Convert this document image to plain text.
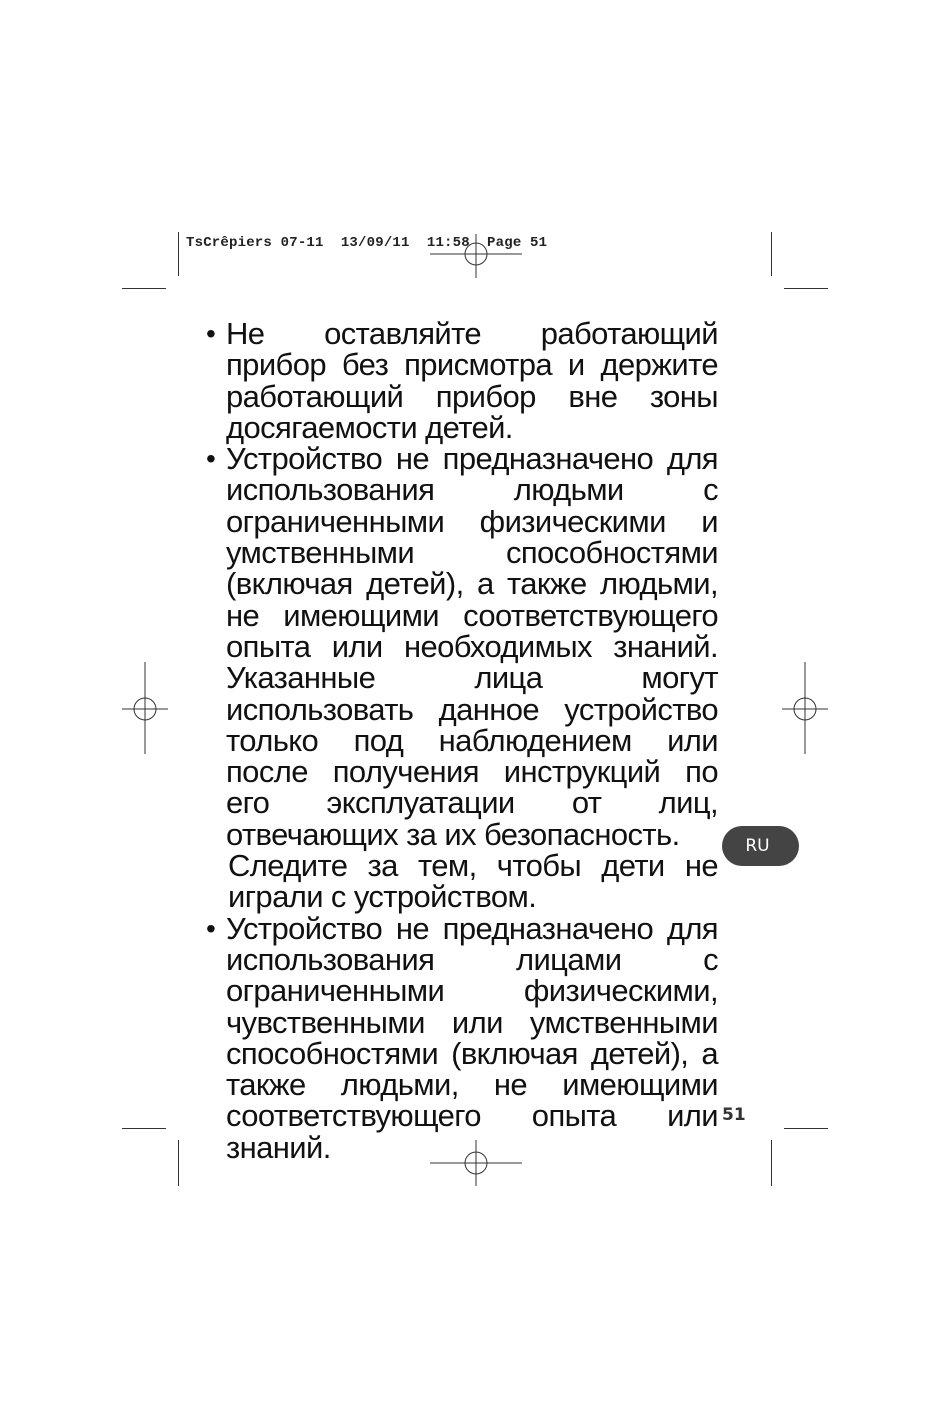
TsCrêpiers 07-11  13/09/11  11:58  Page 51
• Не оставляйте работающий прибор без присмотра и держите работающий прибор вне зоны досягаемости детей.
• Устройство не предназначено для использования людьми с ограниченными физическими и умственными способностями (включая детей), а также людьми, не имеющими соответствующего опыта или необходимых знаний. Указанные лица могут использовать данное устройство только под наблюдением или после получения инструкций по его эксплуатации от лиц, отвечающих за их безопасность.
Следите за тем, чтобы дети не играли с устройством.
• Устройство не предназначено для использования лицами с ограниченными физическими, чувственными или умственными способностями (включая детей), а также людьми, не имеющими соответствующего опыта или знаний.
RU
51
